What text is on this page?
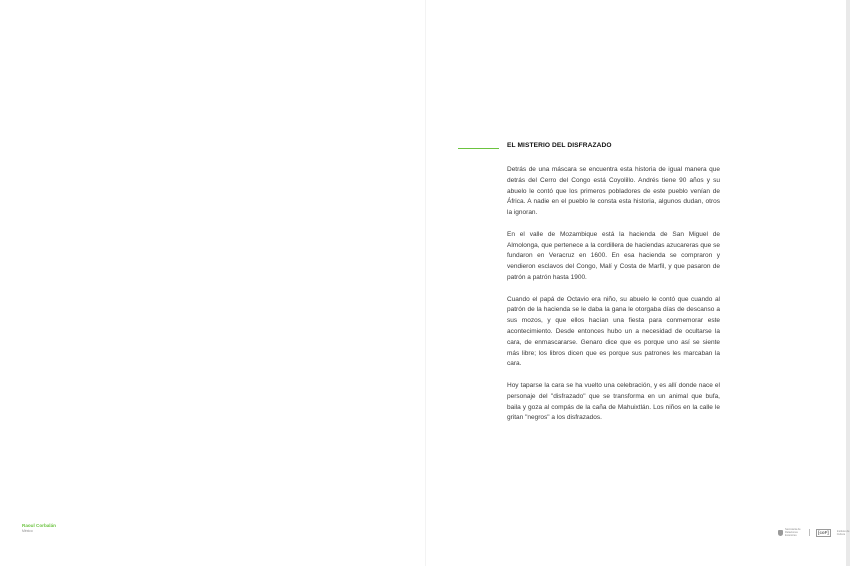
EL MISTERIO DEL DISFRAZADO

Detrás de una máscara se encuentra esta historia de igual manera que detrás del Cerro del Congo está Coyolillo. Andrés tiene 90 años y su abuelo le contó que los primeros pobladores de este pueblo venían de África. A nadie en el pueblo le consta esta historia, algunos dudan, otros la ignoran.

En el valle de Mozambique está la hacienda de San Miguel de Almolonga, que pertenece a la cordillera de haciendas azucareras que se fundaron en Veracruz en 1600. En esa hacienda se compraron y vendieron esclavos del Congo, Malí y Costa de Marfil, y que pasaron de patrón a patrón hasta 1900.

Cuando el papá de Octavio era niño, su abuelo le contó que cuando al patrón de la hacienda se le daba la gana le otorgaba días de descanso a sus mozos, y que ellos hacían una fiesta para conmemorar este acontecimiento. Desde entonces hubo un a necesidad de ocultarse la cara, de enmascararse. Genaro dice que es porque uno así se siente más libre; los libros dicen que es porque sus patrones les marcaban la cara.

Hoy taparse la cara se ha vuelto una celebración, y es allí donde nace el personaje del "disfrazado" que se transforma en un animal que bufa, baila y goza al compás de la caña de Mahuixtlán. Los niños en la calle le gritan "negros" a los disfrazados.

Raoul Corbalán
México	Secretaría de Relaciones Exteriores
[coF]	Instituto de Cultura
